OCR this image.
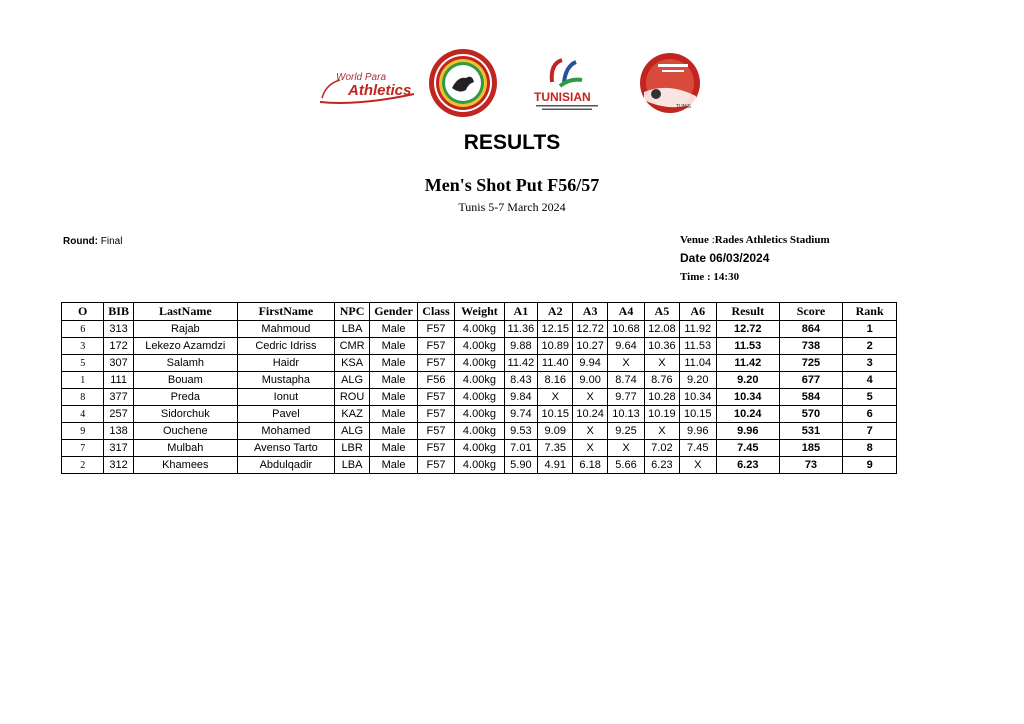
World Para
Athletics	TUNISIAN
TUNIS
RESULTS
Men's Shot Put F56/57
Tunis 5-7 March 2024
Round: Final	Venue :Rades Athletics Stadium
Date 06/03/2024
Time : 14:30
O	BIB	LastName	FirstName	NPC	Gender	Class	Weight	A1	A2	A3	A4	A5	A6	Result	Score	Rank
6	313	Rajab	Mahmoud	LBA	Male	F57	4.00kg	11.36	12.15	12.72	10.68	12.08	11.92	12.72	864	1
3	172	Lekezo Azamdzi	Cedric Idriss	CMR	Male	F57	4.00kg	9.88	10.89	10.27	9.64	10.36	11.53	11.53	738	2
5	307	Salamh	Haidr	KSA	Male	F57	4.00kg	11.42	11.40	9.94	X	X	11.04	11.42	725	3
1	111	Bouam	Mustapha	ALG	Male	F56	4.00kg	8.43	8.16	9.00	8.74	8.76	9.20	9.20	677	4
8	377	Preda	Ionut	ROU	Male	F57	4.00kg	9.84	X	X	9.77	10.28	10.34	10.34	584	5
4	257	Sidorchuk	Pavel	KAZ	Male	F57	4.00kg	9.74	10.15	10.24	10.13	10.19	10.15	10.24	570	6
9	138	Ouchene	Mohamed	ALG	Male	F57	4.00kg	9.53	9.09	X	9.25	X	9.96	9.96	531	7
7	317	Mulbah	Avenso Tarto	LBR	Male	F57	4.00kg	7.01	7.35	X	X	7.02	7.45	7.45	185	8
2	312	Khamees	Abdulqadir	LBA	Male	F57	4.00kg	5.90	4.91	6.18	5.66	6.23	X	6.23	73	9
